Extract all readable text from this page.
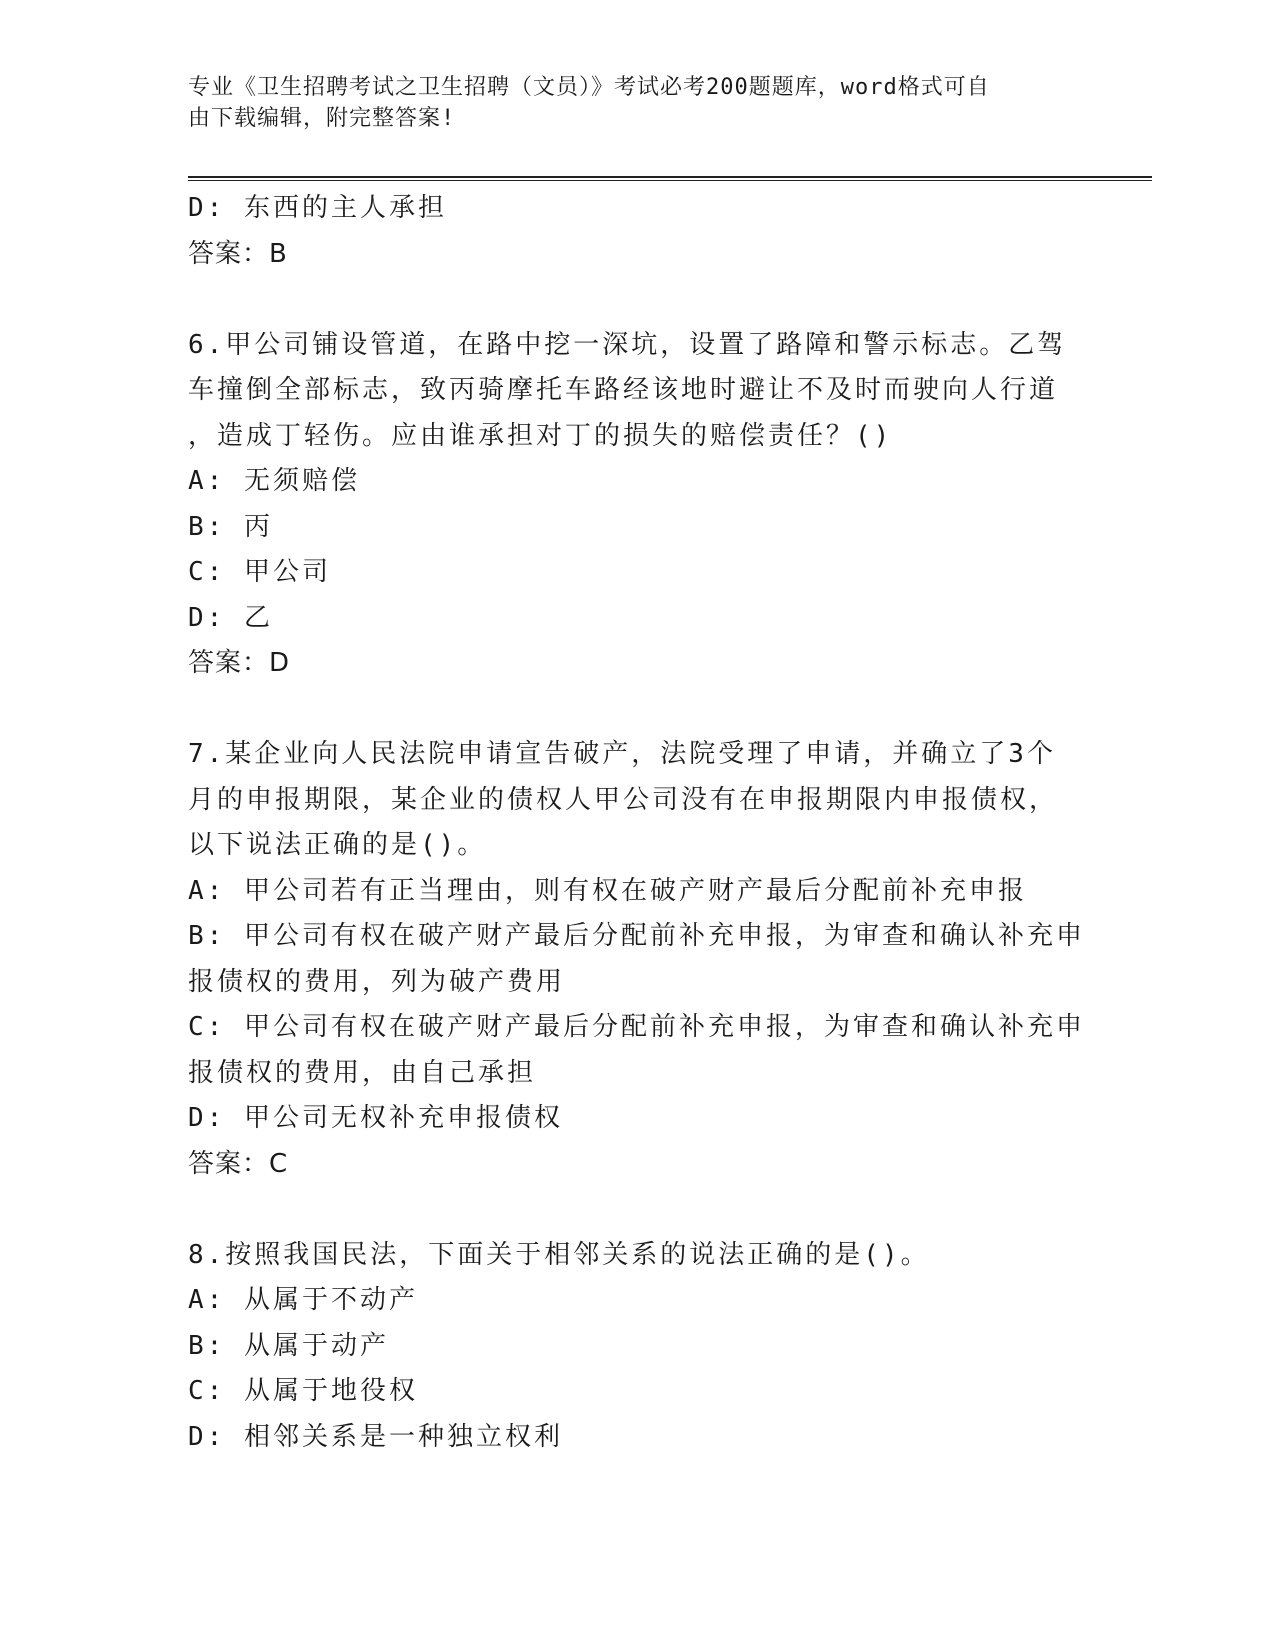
专业《卫生招聘考试之卫生招聘（文员）》考试必考200题题库，word格式可自
由下载编辑，附完整答案!
D: 东西的主人承担
答案：B
6.甲公司铺设管道，在路中挖一深坑，设置了路障和警示标志。乙驾
车撞倒全部标志，致丙骑摩托车路经该地时避让不及时而驶向人行道
，造成丁轻伤。应由谁承担对丁的损失的赔偿责任？()
A: 无须赔偿
B: 丙
C: 甲公司
D: 乙
答案：D
7.某企业向人民法院申请宣告破产，法院受理了申请，并确立了3个
月的申报期限，某企业的债权人甲公司没有在申报期限内申报债权，
以下说法正确的是()。
A: 甲公司若有正当理由，则有权在破产财产最后分配前补充申报
B: 甲公司有权在破产财产最后分配前补充申报，为审查和确认补充申
报债权的费用，列为破产费用
C: 甲公司有权在破产财产最后分配前补充申报，为审查和确认补充申
报债权的费用，由自己承担
D: 甲公司无权补充申报债权
答案：C
8.按照我国民法，下面关于相邻关系的说法正确的是()。
A: 从属于不动产
B: 从属于动产
C: 从属于地役权
D: 相邻关系是一种独立权利
